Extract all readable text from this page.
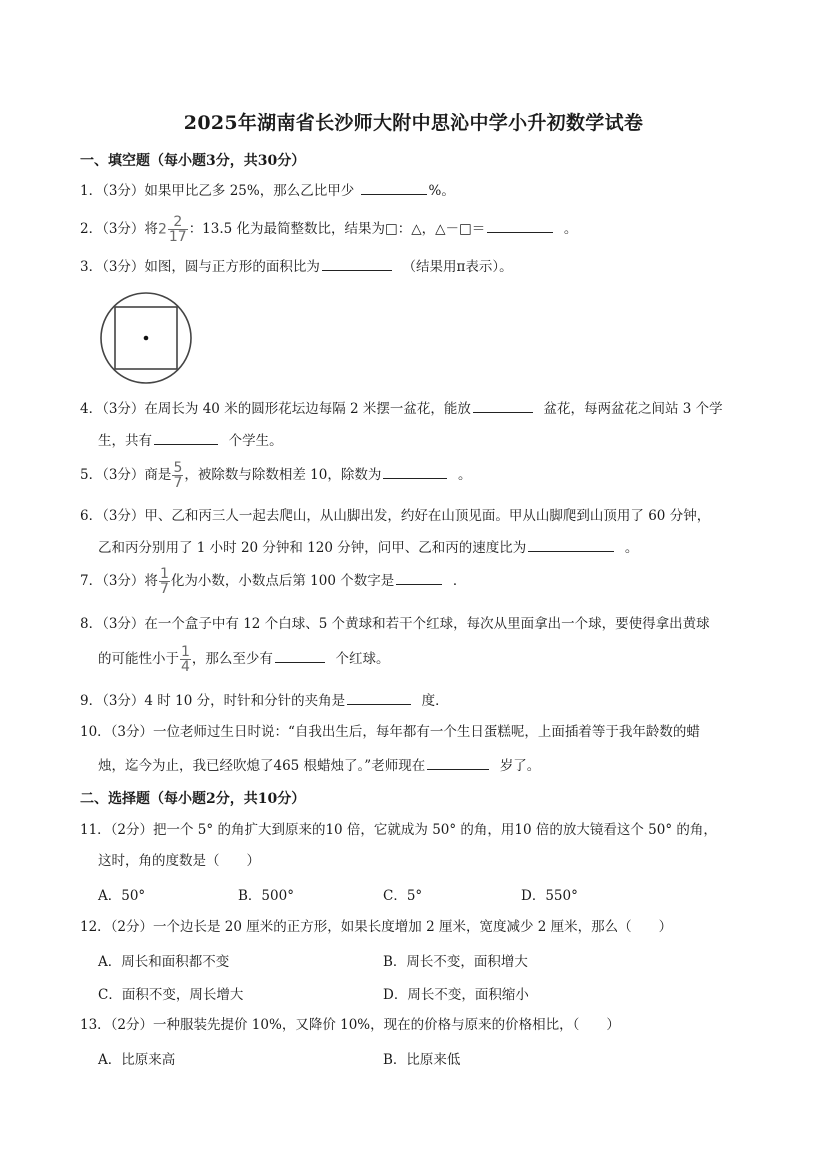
2025年湖南省长沙师大附中思沁中学小升初数学试卷
一、填空题（每小题3分，共30分）
1．（3分）如果甲比乙多 25%，那么乙比甲少	%。
2．（3分）将$2 \frac{2}{17}$ ：13.5 化为最简整数比，结果为□：△，△－□＝	。
3．（3分）如图，圆与正方形的面积比为	（结果用π表示）。
4．（3分）在周长为 40 米的圆形花坛边每隔 2 米摆一盆花，能放	盆花，每两盆花之间站 3 个学
生，共有	个学生。
5．（3分）商是 $\frac{5}{7}$ ，被除数与除数相差 10，除数为	。
6．（3分）甲、乙和丙三人一起去爬山，从山脚出发，约好在山顶见面。甲从山脚爬到山顶用了 60 分钟，
乙和丙分别用了 1 小时 20 分钟和 120 分钟，问甲、乙和丙的速度比为	。
7．（3分）将 $\frac{1}{7}$ 化为小数，小数点后第 100 个数字是	．
8．（3分）在一个盒子中有 12 个白球、5 个黄球和若干个红球，每次从里面拿出一个球，要使得拿出黄球
的可能性小于 $\frac{1}{4}$ ，那么至少有	个红球。
9．（3分）4 时 10 分，时针和分针的夹角是	度．
10．（3分）一位老师过生日时说：“自我出生后，每年都有一个生日蛋糕呢，上面插着等于我年龄数的蜡
烛，迄今为止，我已经吹熄了465 根蜡烛了。”老师现在	岁了。
二、选择题（每小题2分，共10分）
11．（2分）把一个 5° 的角扩大到原来的10 倍，它就成为 50° 的角，用10 倍的放大镜看这个 50° 的角，
这时，角的度数是（　　）
A．50°	B．500°	C．5°	D．550°
12．（2分）一个边长是 20 厘米的正方形，如果长度增加 2 厘米，宽度减少 2 厘米，那么（　　）
A．周长和面积都不变	B．周长不变，面积增大
C．面积不变，周长增大	D．周长不变，面积缩小
13．（2分）一种服装先提价 10%，又降价 10%，现在的价格与原来的价格相比，（　　）
A．比原来高	B．比原来低
